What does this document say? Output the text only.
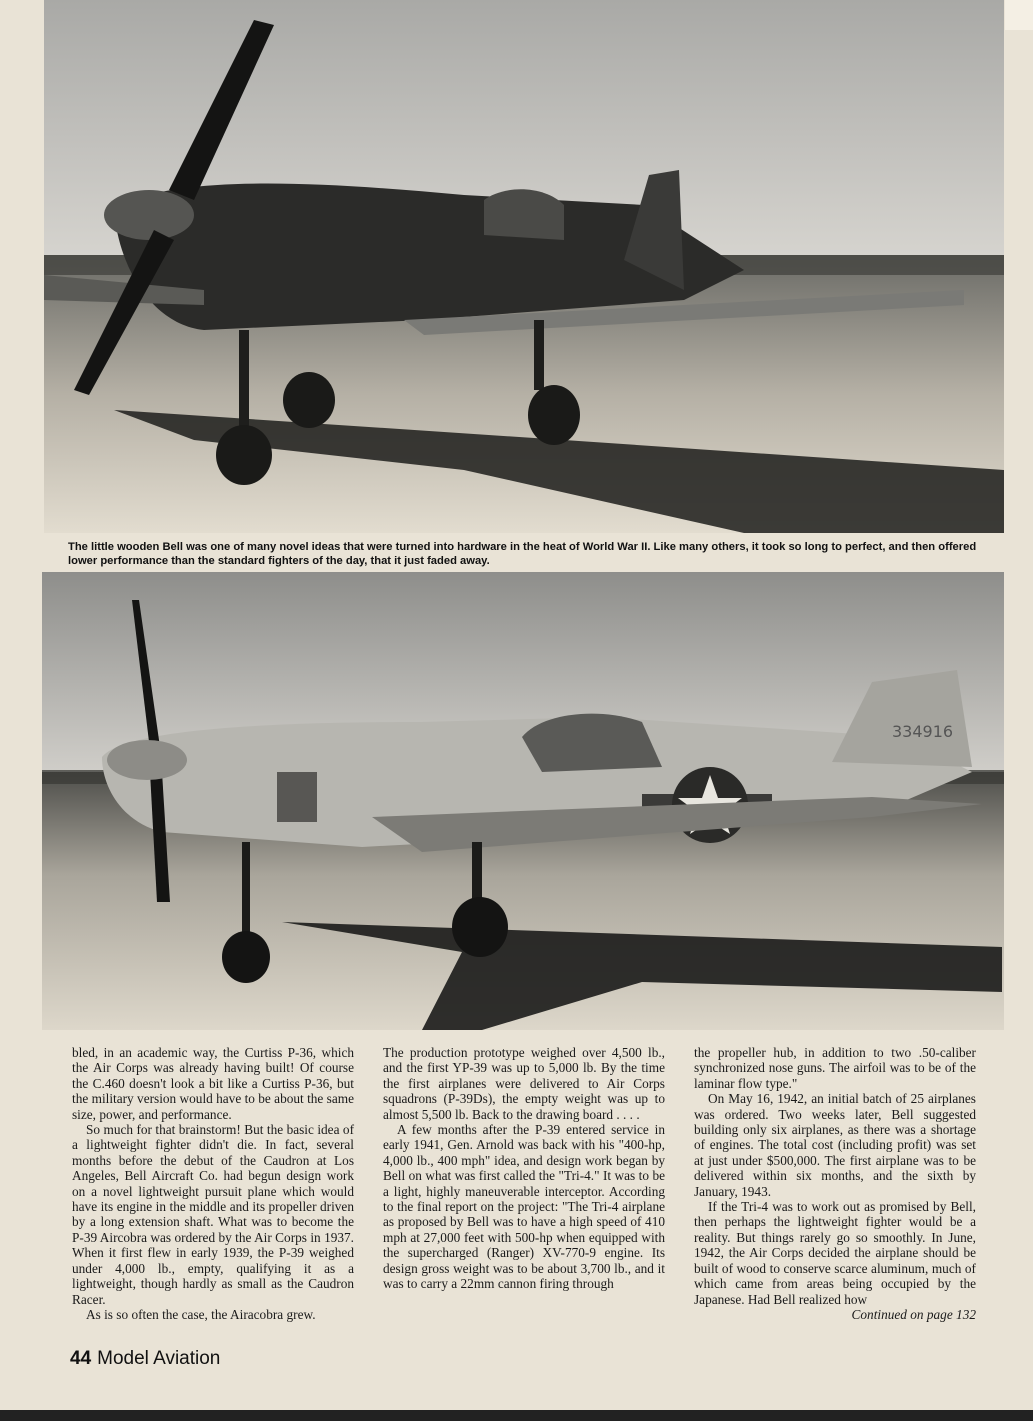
The little wooden Bell was one of many novel ideas that were turned into hardware in the heat of World War II. Like many others, it took so long to perfect, and then offered lower performance than the standard fighters of the day, that it just faded away.
334916

bled, in an academic way, the Curtiss P-36, which the Air Corps was already having built! Of course the C.460 doesn't look a bit like a Curtiss P-36, but the military version would have to be about the same size, power, and performance.

So much for that brainstorm! But the basic idea of a lightweight fighter didn't die. In fact, several months before the debut of the Caudron at Los Angeles, Bell Aircraft Co. had begun design work on a novel lightweight pursuit plane which would have its engine in the middle and its propeller driven by a long extension shaft. What was to become the P-39 Aircobra was ordered by the Air Corps in 1937. When it first flew in early 1939, the P-39 weighed under 4,000 lb., empty, qualifying it as a lightweight, though hardly as small as the Caudron Racer.

As is so often the case, the Airacobra grew.

The production prototype weighed over 4,500 lb., and the first YP-39 was up to 5,000 lb. By the time the first airplanes were delivered to Air Corps squadrons (P-39Ds), the empty weight was up to almost 5,500 lb. Back to the drawing board . . . .

A few months after the P-39 entered service in early 1941, Gen. Arnold was back with his "400-hp, 4,000 lb., 400 mph" idea, and design work began by Bell on what was first called the "Tri-4." It was to be a light, highly maneuverable interceptor. According to the final report on the project: "The Tri-4 airplane as proposed by Bell was to have a high speed of 410 mph at 27,000 feet with 500-hp when equipped with the supercharged (Ranger) XV-770-9 engine. Its design gross weight was to be about 3,700 lb., and it was to carry a 22mm cannon firing through

the propeller hub, in addition to two .50-caliber synchronized nose guns. The airfoil was to be of the laminar flow type."

On May 16, 1942, an initial batch of 25 airplanes was ordered. Two weeks later, Bell suggested building only six airplanes, as there was a shortage of engines. The total cost (including profit) was set at just under $500,000. The first airplane was to be delivered within six months, and the sixth by January, 1943.

If the Tri-4 was to work out as promised by Bell, then perhaps the lightweight fighter would be a reality. But things rarely go so smoothly. In June, 1942, the Air Corps decided the airplane should be built of wood to conserve scarce aluminum, much of which came from areas being occupied by the Japanese. Had Bell realized how

Continued on page 132

44 Model Aviation
